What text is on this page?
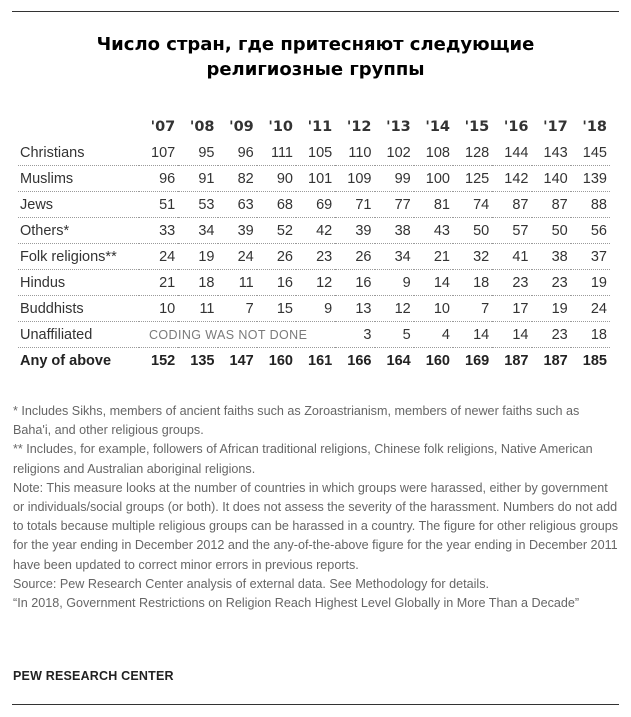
Число стран, где притесняют следующие
религиозные группы
	'07	'08	'09	'10	'11	'12	'13	'14	'15	'16	'17	'18
Christians	107	95	96	111	105	110	102	108	128	144	143	145
Muslims	96	91	82	90	101	109	99	100	125	142	140	139
Jews	51	53	63	68	69	71	77	81	74	87	87	88
Others*	33	34	39	52	42	39	38	43	50	57	50	56
Folk religions**	24	19	24	26	23	26	34	21	32	41	38	37
Hindus	21	18	11	16	12	16	9	14	18	23	23	19
Buddhists	10	11	7	15	9	13	12	10	7	17	19	24
Unaffiliated	CODING WAS NOT DONE					3	5	4	14	14	23	18
Any of above	152	135	147	160	161	166	164	160	169	187	187	185

* Includes Sikhs, members of ancient faiths such as Zoroastrianism, members of newer faiths such as Baha'i, and other religious groups.

** Includes, for example, followers of African traditional religions, Chinese folk religions, Native American religions and Australian aboriginal religions.

Note: This measure looks at the number of countries in which groups were harassed, either by government or individuals/social groups (or both). It does not assess the severity of the harassment. Numbers do not add to totals because multiple religious groups can be harassed in a country. The figure for other religious groups for the year ending in December 2012 and the any-of-the-above figure for the year ending in December 2011 have been updated to correct minor errors in previous reports.

Source: Pew Research Center analysis of external data. See Methodology for details.

“In 2018, Government Restrictions on Religion Reach Highest Level Globally in More Than a Decade”

PEW RESEARCH CENTER
